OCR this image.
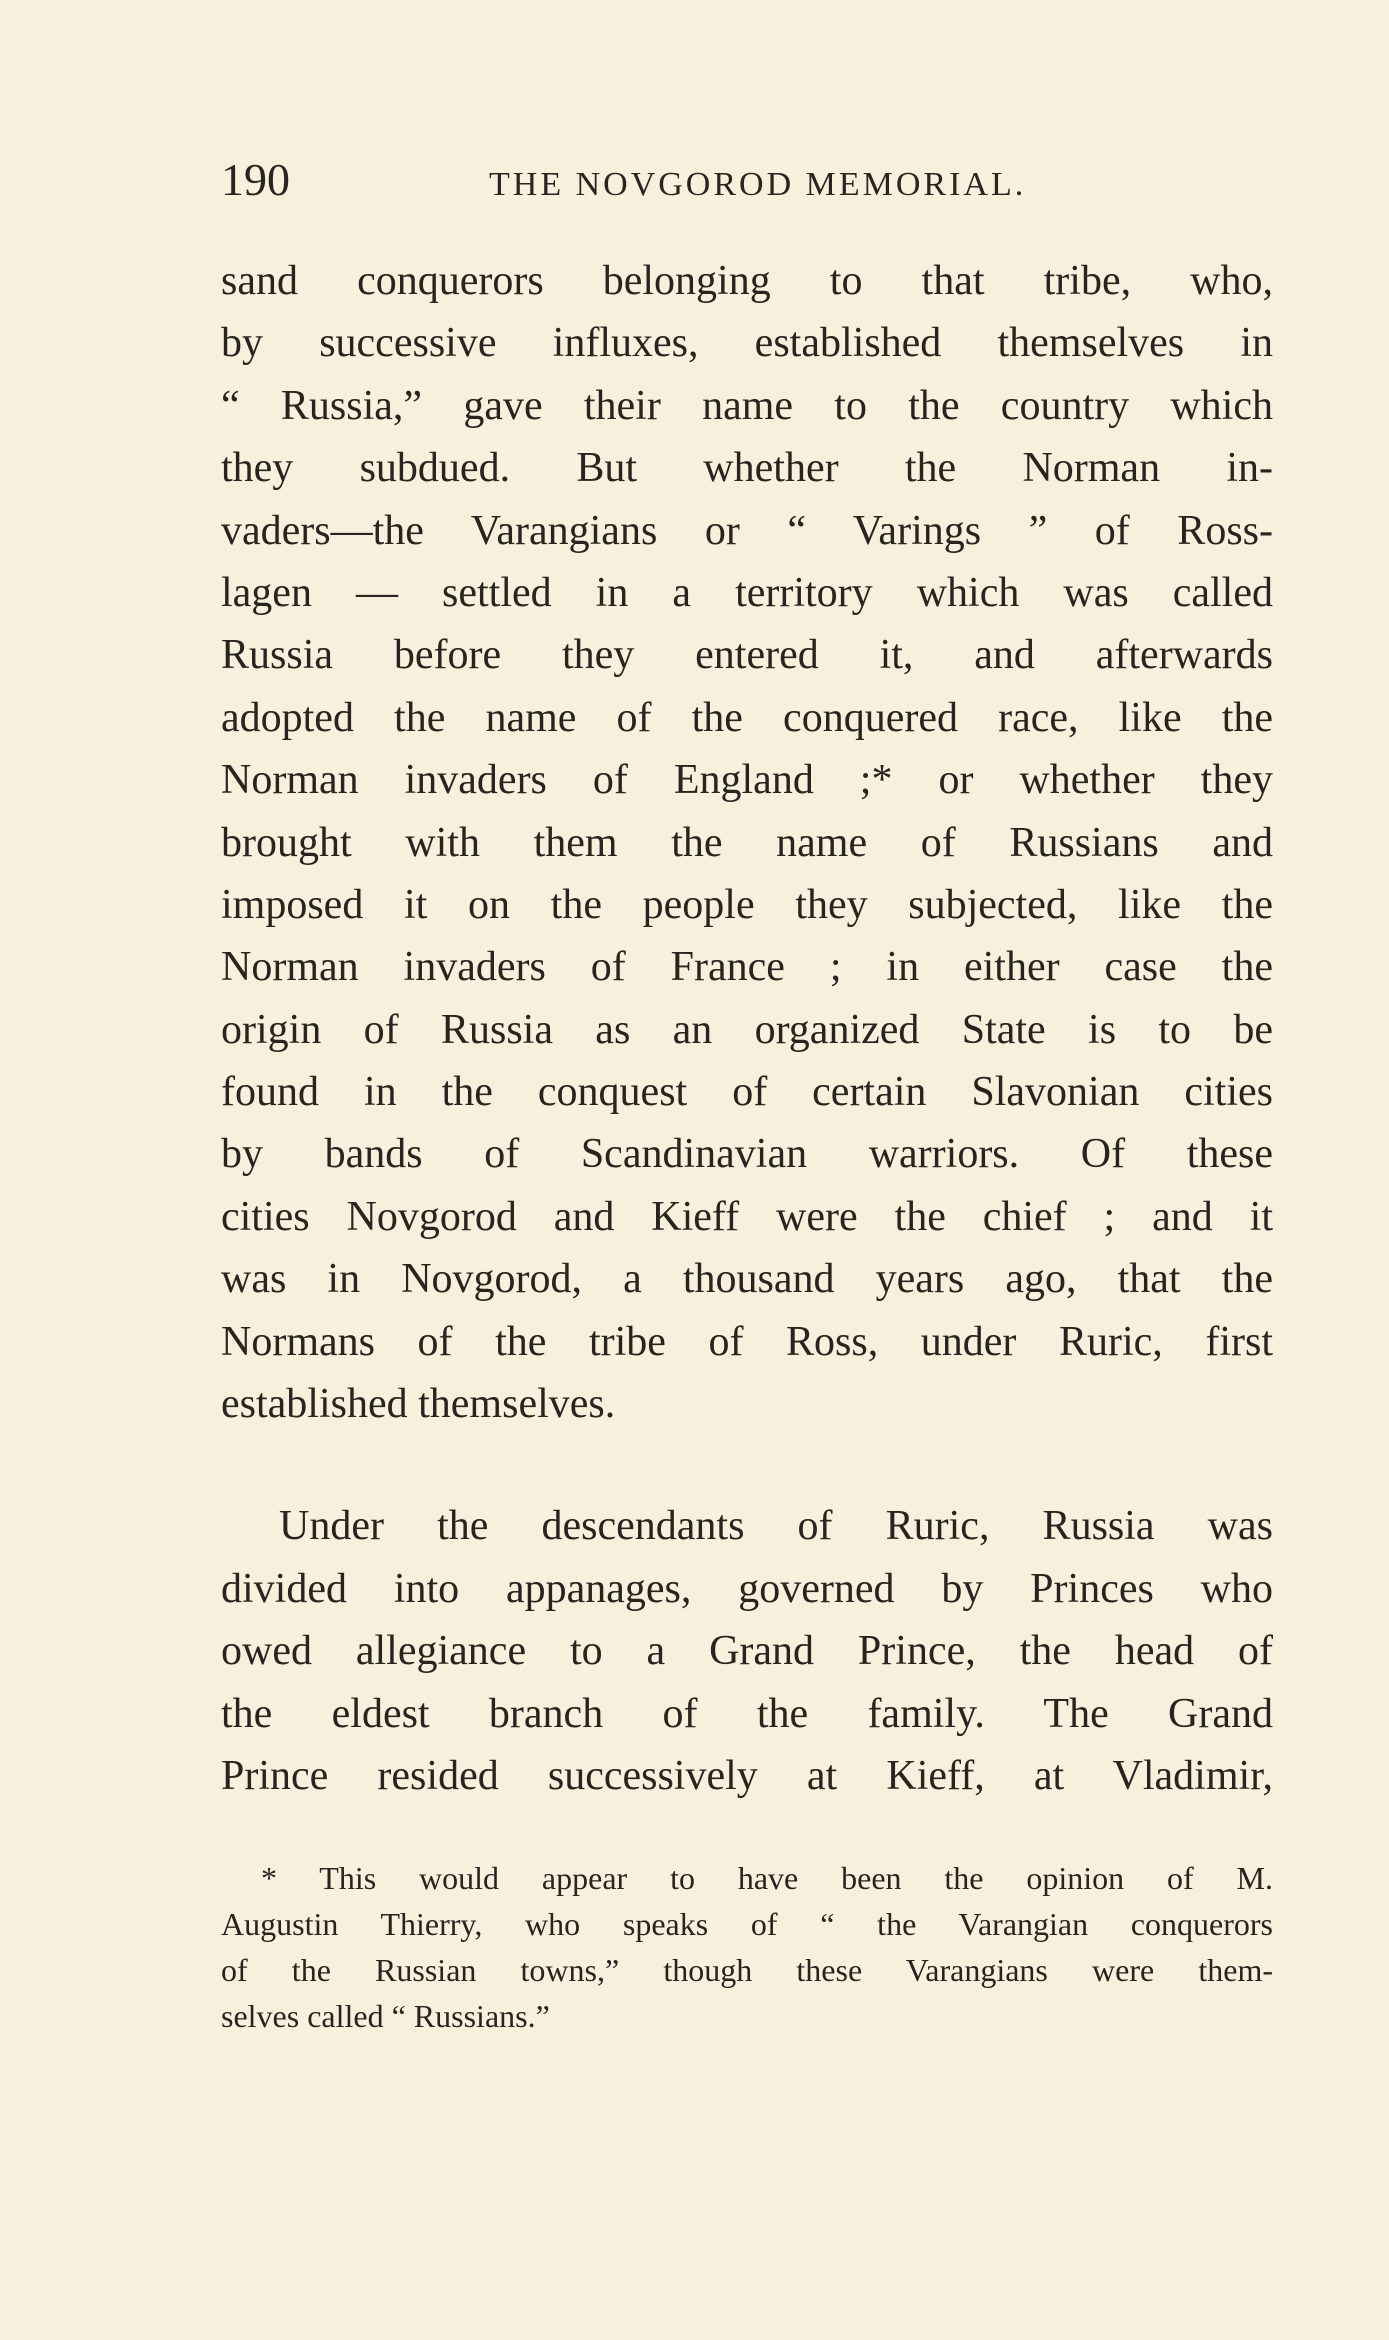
190	THE NOVGOROD MEMORIAL.
sand conquerors belonging to that tribe, who,
by successive influxes, established themselves in
“ Russia,” gave their name to the country which
they subdued. But whether the Norman in-
vaders—the Varangians or “ Varings ” of Ross-
lagen — settled in a territory which was called
Russia before they entered it, and afterwards
adopted the name of the conquered race, like the
Norman invaders of England ;* or whether they
brought with them the name of Russians and
imposed it on the people they subjected, like the
Norman invaders of France ; in either case the
origin of Russia as an organized State is to be
found in the conquest of certain Slavonian cities
by bands of Scandinavian warriors. Of these
cities Novgorod and Kieff were the chief ; and it
was in Novgorod, a thousand years ago, that the
Normans of the tribe of Ross, under Ruric, first
established themselves.
Under the descendants of Ruric, Russia was
divided into appanages, governed by Princes who
owed allegiance to a Grand Prince, the head of
the eldest branch of the family. The Grand
Prince resided successively at Kieff, at Vladimir,
* This would appear to have been the opinion of M.
Augustin Thierry, who speaks of “ the Varangian conquerors
of the Russian towns,” though these Varangians were them-
selves called “ Russians.”
